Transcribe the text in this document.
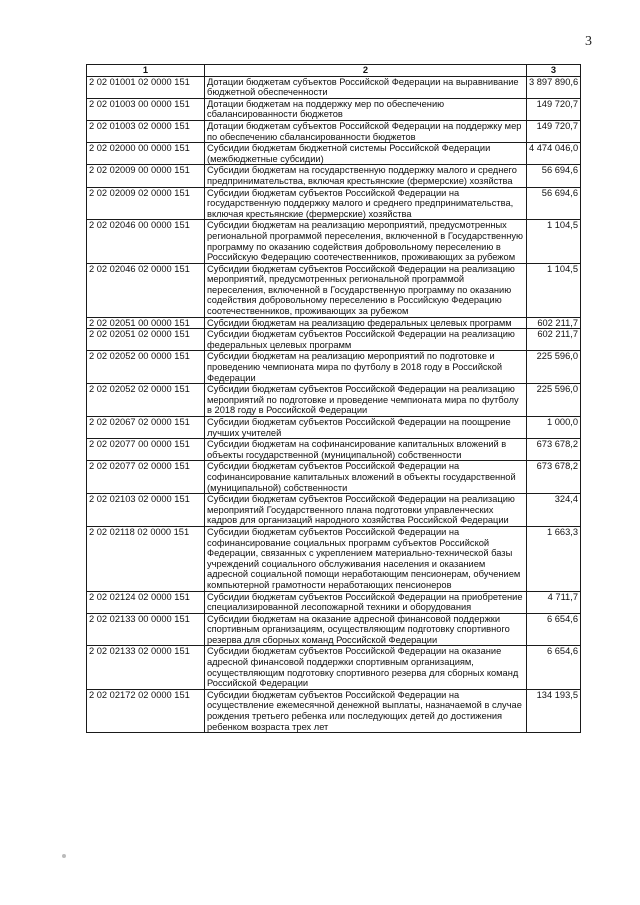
3
1	2	3
2 02 01001 02 0000 151	Дотации бюджетам субъектов Российской Федерации на выравнивание бюджетной обеспеченности	3 897 890,6
2 02 01003 00 0000 151	Дотации бюджетам на поддержку мер по обеспечению сбалансированности бюджетов	149 720,7
2 02 01003 02 0000 151	Дотации бюджетам субъектов Российской Федерации на поддержку мер по обеспечению сбалансированности бюджетов	149 720,7
2 02 02000 00 0000 151	Субсидии бюджетам бюджетной системы Российской Федерации (межбюджетные субсидии)	4 474 046,0
2 02 02009 00 0000 151	Субсидии бюджетам на государственную поддержку малого и среднего предпринимательства, включая крестьянские (фермерские) хозяйства	56 694,6
2 02 02009 02 0000 151	Субсидии бюджетам субъектов Российской Федерации на государственную поддержку малого и среднего предпринимательства, включая крестьянские (фермерские) хозяйства	56 694,6
2 02 02046 00 0000 151	Субсидии бюджетам на реализацию мероприятий, предусмотренных региональной программой переселения, включенной в Государственную программу по оказанию содействия добровольному переселению в Российскую Федерацию соотечественников, проживающих за рубежом	1 104,5
2 02 02046 02 0000 151	Субсидии бюджетам субъектов Российской Федерации на реализацию мероприятий, предусмотренных региональной программой переселения, включенной в Государственную программу по оказанию содействия добровольному переселению в Российскую Федерацию соотечественников, проживающих за рубежом	1 104,5
2 02 02051 00 0000 151	Субсидии бюджетам на реализацию федеральных целевых программ	602 211,7
2 02 02051 02 0000 151	Субсидии бюджетам субъектов Российской Федерации на реализацию федеральных целевых программ	602 211,7
2 02 02052 00 0000 151	Субсидии бюджетам на реализацию мероприятий по подготовке и проведению чемпионата мира по футболу в 2018 году в Российской Федерации	225 596,0
2 02 02052 02 0000 151	Субсидии бюджетам субъектов Российской Федерации на реализацию мероприятий по подготовке и проведение чемпионата мира по футболу в 2018 году в Российской Федерации	225 596,0
2 02 02067 02 0000 151	Субсидии бюджетам субъектов Российской Федерации на поощрение лучших учителей	1 000,0
2 02 02077 00 0000 151	Субсидии бюджетам на софинансирование капитальных вложений в объекты государственной (муниципальной) собственности	673 678,2
2 02 02077 02 0000 151	Субсидии бюджетам субъектов Российской Федерации на софинансирование капитальных вложений в объекты государственной (муниципальной) собственности	673 678,2
2 02 02103 02 0000 151	Субсидии бюджетам субъектов Российской Федерации на реализацию мероприятий Государственного плана подготовки управленческих кадров для организаций народного хозяйства Российской Федерации	324,4
2 02 02118 02 0000 151	Субсидии бюджетам субъектов Российской Федерации на софинансирование социальных программ субъектов Российской Федерации, связанных с укреплением материально-технической базы учреждений социального обслуживания населения и оказанием адресной социальной помощи неработающим пенсионерам, обучением компьютерной грамотности неработающих пенсионеров	1 663,3
2 02 02124 02 0000 151	Субсидии бюджетам субъектов Российской Федерации на приобретение специализированной лесопожарной техники и оборудования	4 711,7
2 02 02133 00 0000 151	Субсидии бюджетам на оказание адресной финансовой поддержки спортивным организациям, осуществляющим подготовку спортивного резерва для сборных команд Российской Федерации	6 654,6
2 02 02133 02 0000 151	Субсидии бюджетам субъектов Российской Федерации на оказание адресной финансовой поддержки спортивным организациям, осуществляющим подготовку спортивного резерва для сборных команд Российской Федерации	6 654,6
2 02 02172 02 0000 151	Субсидии бюджетам субъектов Российской Федерации на осуществление ежемесячной денежной выплаты, назначаемой в случае рождения третьего ребенка или последующих детей до достижения ребенком возраста трех лет	134 193,5
